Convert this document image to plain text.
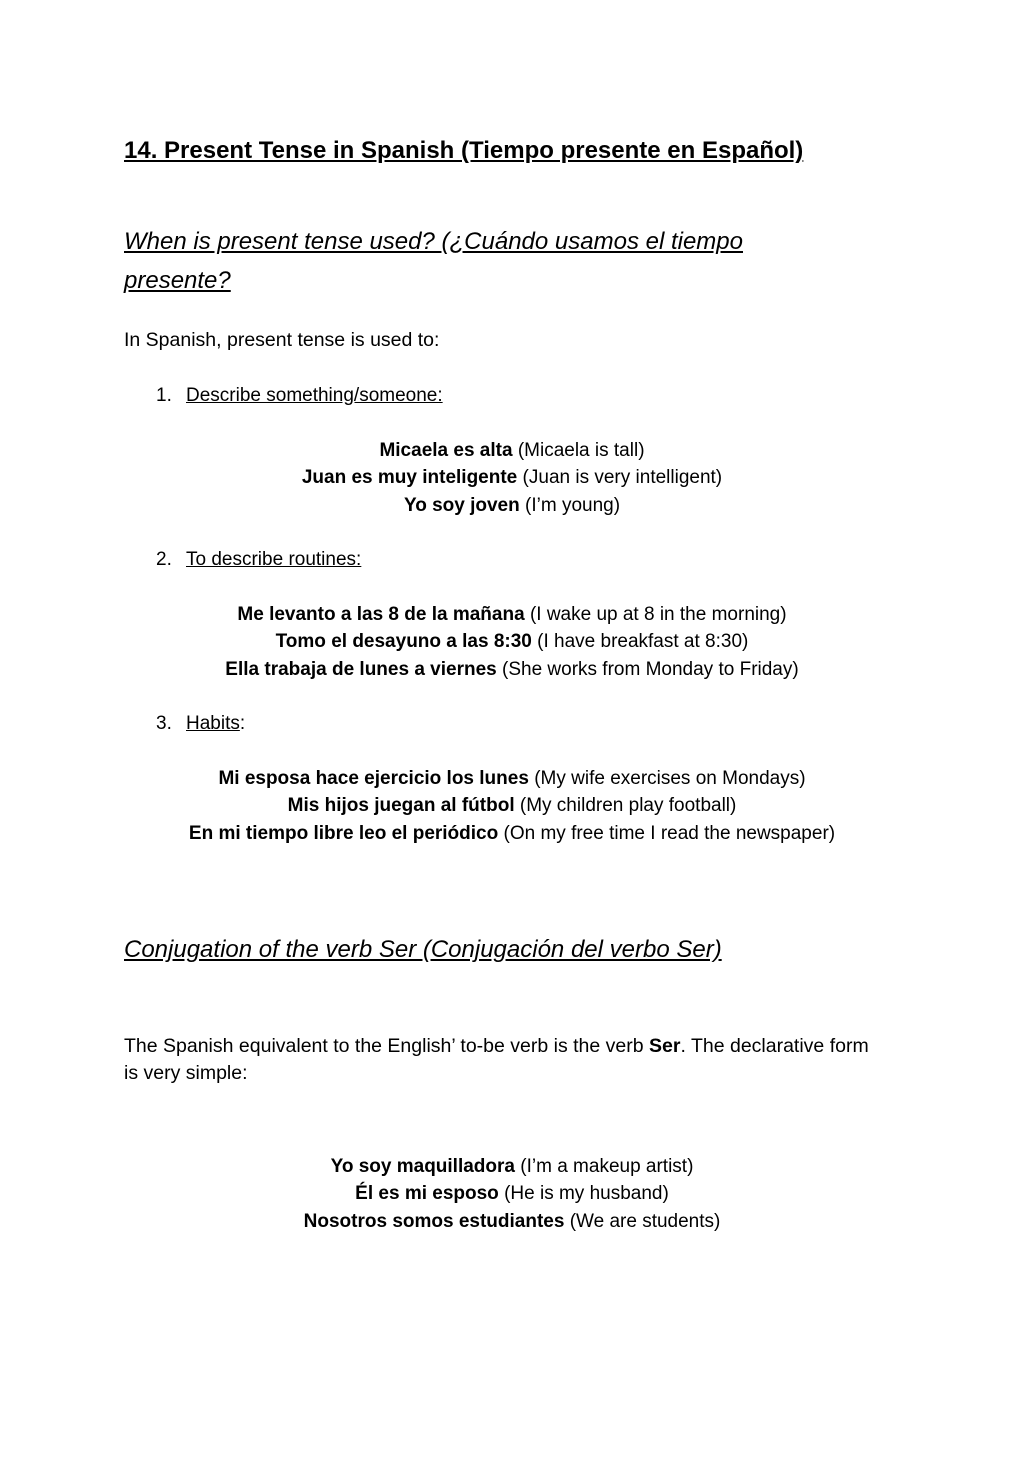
14. Present Tense in Spanish (Tiempo presente en Español)
When is present tense used? (¿Cuándo usamos el tiempo presente?

In Spanish, present tense is used to:

1. Describe something/someone:
Micaela es alta (Micaela is tall)
Juan es muy inteligente (Juan is very intelligent)
Yo soy joven (I’m young)
2. To describe routines:
Me levanto a las 8 de la mañana (I wake up at 8 in the morning)
Tomo el desayuno a las 8:30 (I have breakfast at 8:30)
Ella trabaja de lunes a viernes (She works from Monday to Friday)
3. Habits:
Mi esposa hace ejercicio los lunes (My wife exercises on Mondays)
Mis hijos juegan al fútbol (My children play football)
En mi tiempo libre leo el periódico (On my free time I read the newspaper)
Conjugation of the verb Ser (Conjugación del verbo Ser)

The Spanish equivalent to the English’ to-be verb is the verb Ser. The declarative form is very simple:

Yo soy maquilladora (I’m a makeup artist)
Él es mi esposo (He is my husband)
Nosotros somos estudiantes (We are students)
